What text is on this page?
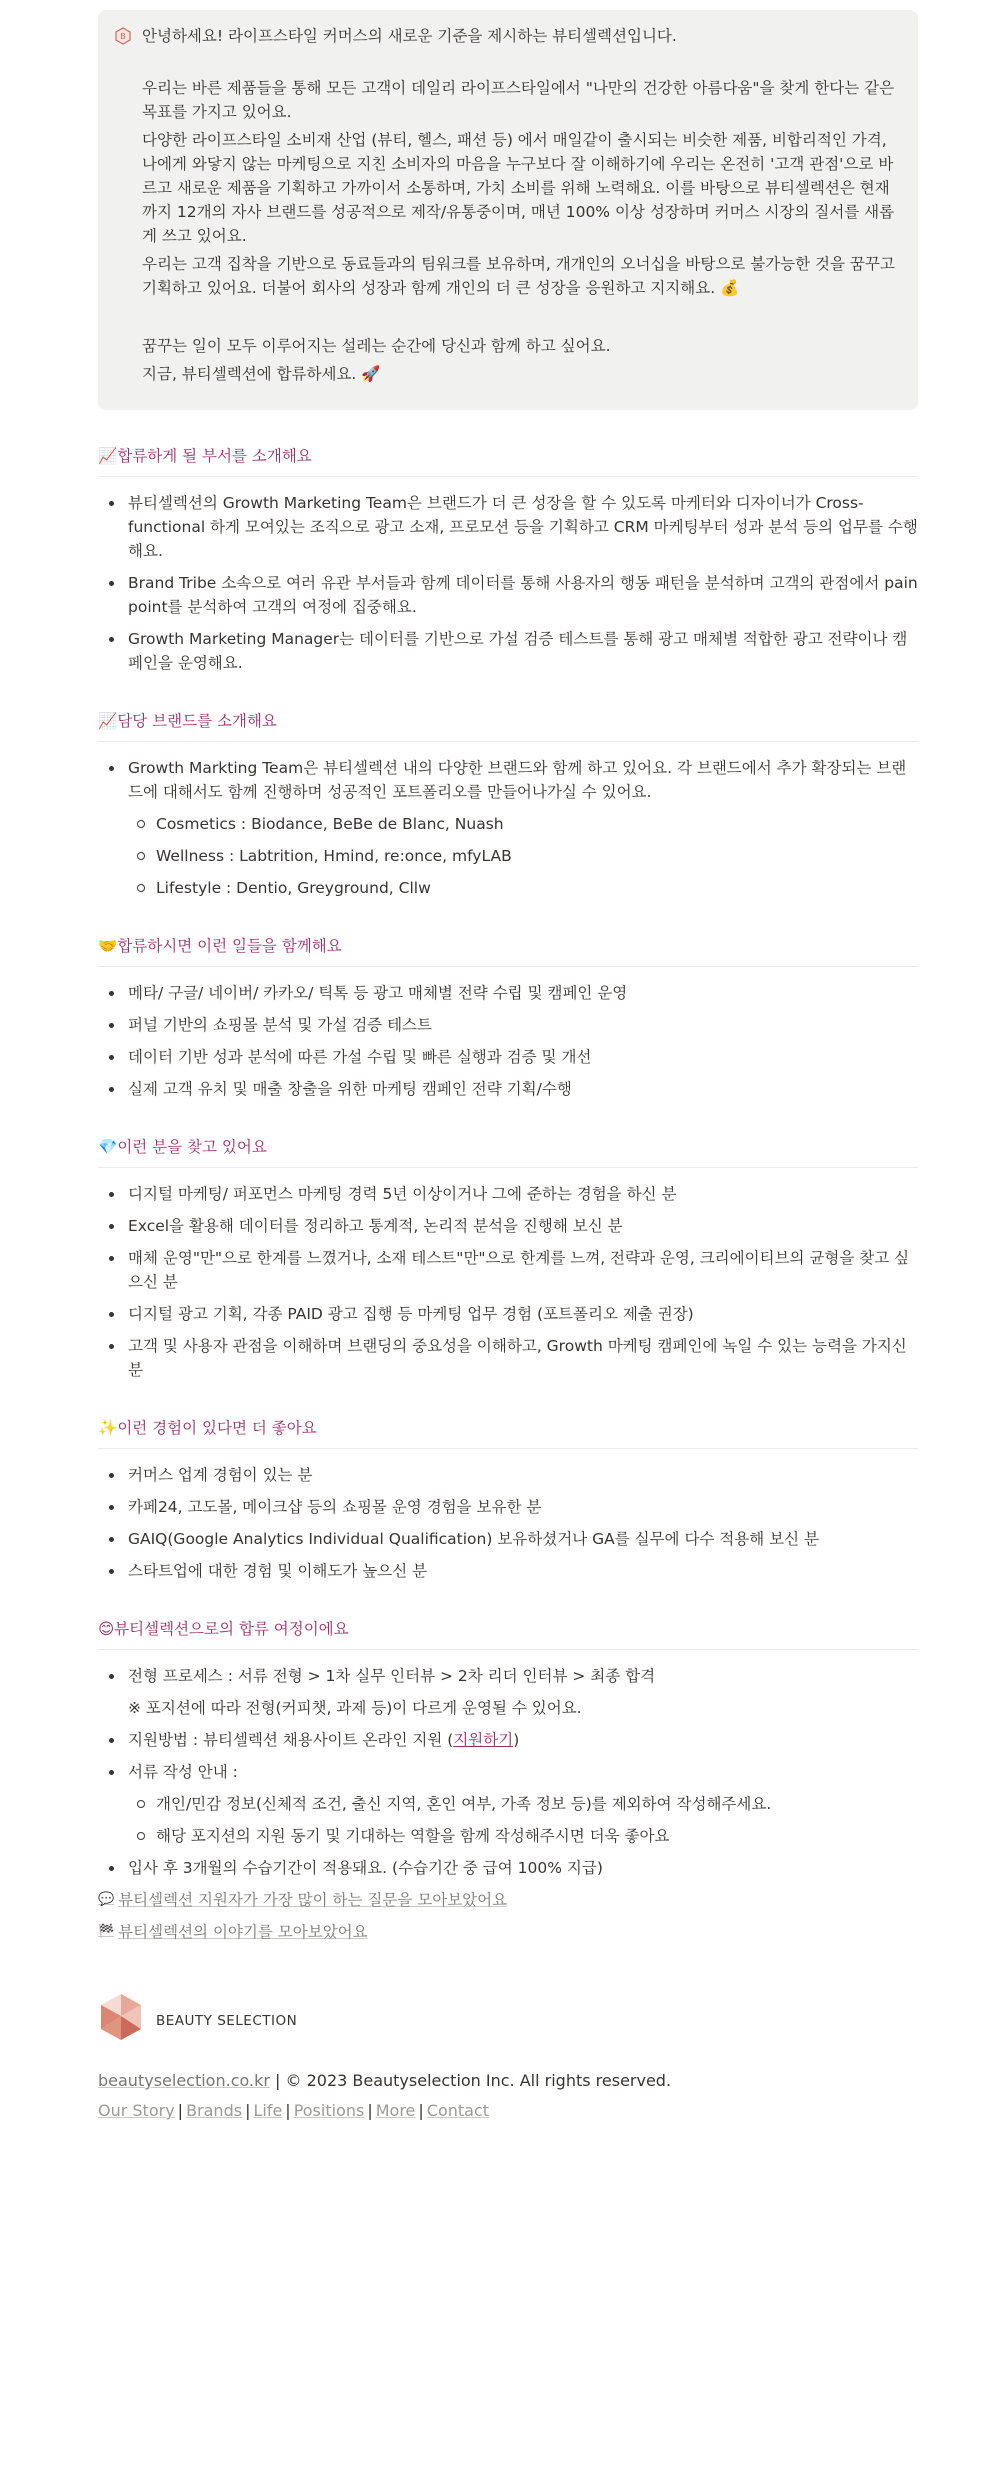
B 안녕하세요! 라이프스타일 커머스의 새로운 기준을 제시하는 뷰티셀렉션입니다.

우리는 바른 제품들을 통해 모든 고객이 데일리 라이프스타일에서 "나만의 건강한 아름다움"을 찾게 한다는 같은 목표를 가지고 있어요.

다양한 라이프스타일 소비재 산업 (뷰티, 헬스, 패션 등) 에서 매일같이 출시되는 비슷한 제품, 비합리적인 가격, 나에게 와닿지 않는 마케팅으로 지친 소비자의 마음을 누구보다 잘 이해하기에 우리는 온전히 '고객 관점'으로 바르고 새로운 제품을 기획하고 가까이서 소통하며, 가치 소비를 위해 노력해요. 이를 바탕으로 뷰티셀렉션은 현재까지 12개의 자사 브랜드를 성공적으로 제작/유통중이며, 매년 100% 이상 성장하며 커머스 시장의 질서를 새롭게 쓰고 있어요.

우리는 고객 집착을 기반으로 동료들과의 팀워크를 보유하며, 개개인의 오너십을 바탕으로 불가능한 것을 꿈꾸고 기획하고 있어요. 더불어 회사의 성장과 함께 개인의 더 큰 성장을 응원하고 지지해요. 💰

꿈꾸는 일이 모두 이루어지는 설레는 순간에 당신과 함께 하고 싶어요.

지금, 뷰티셀렉션에 합류하세요. 🚀

📈 합류하게 될 부서를 소개해요
뷰티셀렉션의 Growth Marketing Team은 브랜드가 더 큰 성장을 할 수 있도록 마케터와 디자이너가 Cross-functional 하게 모여있는 조직으로 광고 소재, 프로모션 등을 기획하고 CRM 마케팅부터 성과 분석 등의 업무를 수행해요.
Brand Tribe 소속으로 여러 유관 부서들과 함께 데이터를 통해 사용자의 행동 패턴을 분석하며 고객의 관점에서 pain point를 분석하여 고객의 여정에 집중해요.
Growth Marketing Manager는 데이터를 기반으로 가설 검증 테스트를 통해 광고 매체별 적합한 광고 전략이나 캠페인을 운영해요.
📈 담당 브랜드를 소개해요
Growth Markting Team은 뷰티셀렉션 내의 다양한 브랜드와 함께 하고 있어요. 각 브랜드에서 추가 확장되는 브랜드에 대해서도 함께 진행하며 성공적인 포트폴리오를 만들어나가실 수 있어요.
Cosmetics : Biodance, BeBe de Blanc, Nuash
Wellness : Labtrition, Hmind, re:once, mfyLAB
Lifestyle : Dentio, Greyground, Cllw
🤝 합류하시면 이런 일들을 함께해요
메타/ 구글/ 네이버/ 카카오/ 틱톡 등 광고 매체별 전략 수립 및 캠페인 운영
퍼널 기반의 쇼핑몰 분석 및 가설 검증 테스트
데이터 기반 성과 분석에 따른 가설 수립 및 빠른 실행과 검증 및 개선
실제 고객 유치 및 매출 창출을 위한 마케팅 캠페인 전략 기획/수행
💎 이런 분을 찾고 있어요
디지털 마케팅/ 퍼포먼스 마케팅 경력 5년 이상이거나 그에 준하는 경험을 하신 분
Excel을 활용해 데이터를 정리하고 통계적, 논리적 분석을 진행해 보신 분
매체 운영"만"으로 한계를 느꼈거나, 소재 테스트"만"으로 한계를 느껴, 전략과 운영, 크리에이티브의 균형을 찾고 싶으신 분
디지털 광고 기획, 각종 PAID 광고 집행 등 마케팅 업무 경험 (포트폴리오 제출 권장)
고객 및 사용자 관점을 이해하며 브랜딩의 중요성을 이해하고, Growth 마케팅 캠페인에 녹일 수 있는 능력을 가지신 분
✨ 이런 경험이 있다면 더 좋아요
커머스 업계 경험이 있는 분
카페24, 고도몰, 메이크샵 등의 쇼핑몰 운영 경험을 보유한 분
GAIQ(Google Analytics Individual Qualification) 보유하셨거나 GA를 실무에 다수 적용해 보신 분
스타트업에 대한 경험 및 이해도가 높으신 분
😊 뷰티셀렉션으로의 합류 여정이에요
전형 프로세스 : 서류 전형 > 1차 실무 인터뷰 > 2차 리더 인터뷰 > 최종 합격
※ 포지션에 따라 전형(커피챗, 과제 등)이 다르게 운영될 수 있어요.
지원방법 : 뷰티셀렉션 채용사이트 온라인 지원 (지원하기)
서류 작성 안내 :
개인/민감 정보(신체적 조건, 출신 지역, 혼인 여부, 가족 정보 등)를 제외하여 작성해주세요.
해당 포지션의 지원 동기 및 기대하는 역할을 함께 작성해주시면 더욱 좋아요
입사 후 3개월의 수습기간이 적용돼요. (수습기간 중 급여 100% 지급)
💬 뷰티셀렉션 지원자가 가장 많이 하는 질문을 모아보았어요
🏁 뷰티셀렉션의 이야기를 모아보았어요
BEAUTY SELECTION
beautyselection.co.kr | © 2023 Beautyselection Inc. All rights reserved.
Our Story | Brands | Life | Positions | More | Contact
